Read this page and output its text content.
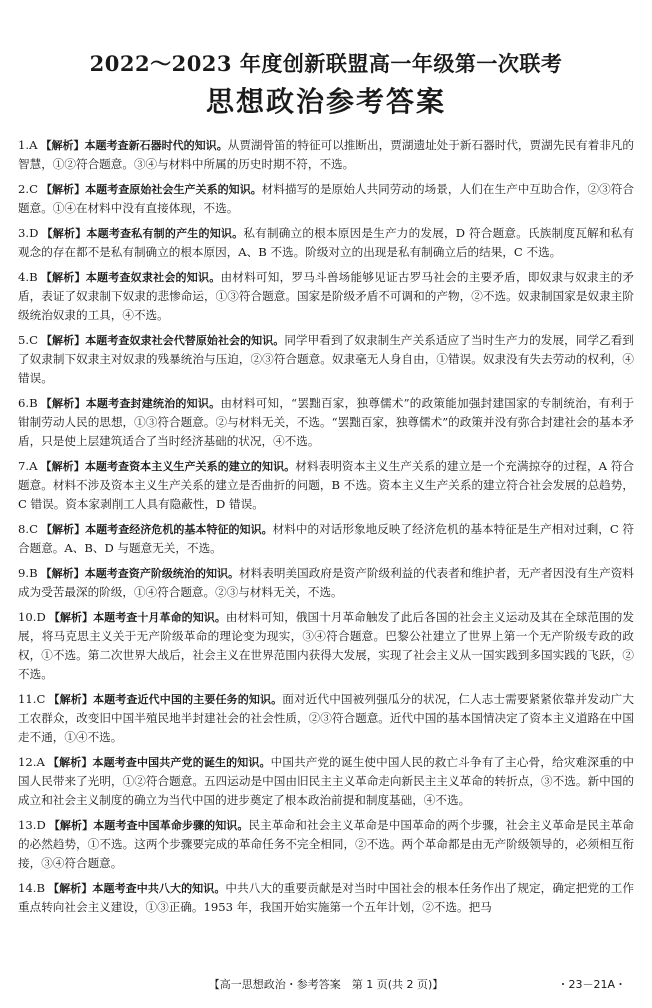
2022～2023 年度创新联盟高一年级第一次联考
思想政治参考答案
1.A 【解析】本题考查新石器时代的知识。从贾湖骨笛的特征可以推断出，贾湖遗址处于新石器时代，贾湖先民有着非凡的智慧，①②符合题意。③④与材料中所属的历史时期不符，不选。
2.C 【解析】本题考查原始社会生产关系的知识。材料描写的是原始人共同劳动的场景，人们在生产中互助合作，②③符合题意。①④在材料中没有直接体现，不选。
3.D 【解析】本题考查私有制的产生的知识。私有制确立的根本原因是生产力的发展，D 符合题意。氏族制度瓦解和私有观念的存在都不是私有制确立的根本原因，A、B 不选。阶级对立的出现是私有制确立后的结果，C 不选。
4.B 【解析】本题考查奴隶社会的知识。由材料可知，罗马斗兽场能够见证古罗马社会的主要矛盾，即奴隶与奴隶主的矛盾，表证了奴隶制下奴隶的悲惨命运，①③符合题意。国家是阶级矛盾不可调和的产物，②不选。奴隶制国家是奴隶主阶级统治奴隶的工具，④不选。
5.C 【解析】本题考查奴隶社会代替原始社会的知识。同学甲看到了奴隶制生产关系适应了当时生产力的发展，同学乙看到了奴隶制下奴隶主对奴隶的残暴统治与压迫，②③符合题意。奴隶毫无人身自由，①错误。奴隶没有失去劳动的权利，④错误。
6.B 【解析】本题考查封建统治的知识。由材料可知，“罢黜百家，独尊儒术”的政策能加强封建国家的专制统治，有利于钳制劳动人民的思想，①③符合题意。②与材料无关，不选。“罢黜百家，独尊儒术”的政策并没有弥合封建社会的基本矛盾，只是使上层建筑适合了当时经济基础的状况，④不选。
7.A 【解析】本题考查资本主义生产关系的建立的知识。材料表明资本主义生产关系的建立是一个充满掠夺的过程，A 符合题意。材料不涉及资本主义生产关系的建立是否曲折的问题，B 不选。资本主义生产关系的建立符合社会发展的总趋势，C 错误。资本家剥削工人具有隐蔽性，D 错误。
8.C 【解析】本题考查经济危机的基本特征的知识。材料中的对话形象地反映了经济危机的基本特征是生产相对过剩，C 符合题意。A、B、D 与题意无关，不选。
9.B 【解析】本题考查资产阶级统治的知识。材料表明美国政府是资产阶级利益的代表者和维护者，无产者因没有生产资料成为受苦最深的阶级，①④符合题意。②③与材料无关，不选。
10.D 【解析】本题考查十月革命的知识。由材料可知，俄国十月革命触发了此后各国的社会主义运动及其在全球范围的发展，将马克思主义关于无产阶级革命的理论变为现实，③④符合题意。巴黎公社建立了世界上第一个无产阶级专政的政权，①不选。第二次世界大战后，社会主义在世界范围内获得大发展，实现了社会主义从一国实践到多国实践的飞跃，②不选。
11.C 【解析】本题考查近代中国的主要任务的知识。面对近代中国被列强瓜分的状况，仁人志士需要紧紧依靠并发动广大工农群众，改变旧中国半殖民地半封建社会的社会性质，②③符合题意。近代中国的基本国情决定了资本主义道路在中国走不通，①④不选。
12.A 【解析】本题考查中国共产党的诞生的知识。中国共产党的诞生使中国人民的救亡斗争有了主心骨，给灾难深重的中国人民带来了光明，①②符合题意。五四运动是中国由旧民主主义革命走向新民主主义革命的转折点，③不选。新中国的成立和社会主义制度的确立为当代中国的进步奠定了根本政治前提和制度基础，④不选。
13.D 【解析】本题考查中国革命步骤的知识。民主革命和社会主义革命是中国革命的两个步骤，社会主义革命是民主革命的必然趋势，①不选。这两个步骤要完成的革命任务不完全相同，②不选。两个革命都是由无产阶级领导的，必须相互衔接，③④符合题意。
14.B 【解析】本题考查中共八大的知识。中共八大的重要贡献是对当时中国社会的根本任务作出了规定，确定把党的工作重点转向社会主义建设，①③正确。1953 年，我国开始实施第一个五年计划，②不选。把马
【高一思想政治・参考答案　第 1 页(共 2 页)】	・23－21A・
